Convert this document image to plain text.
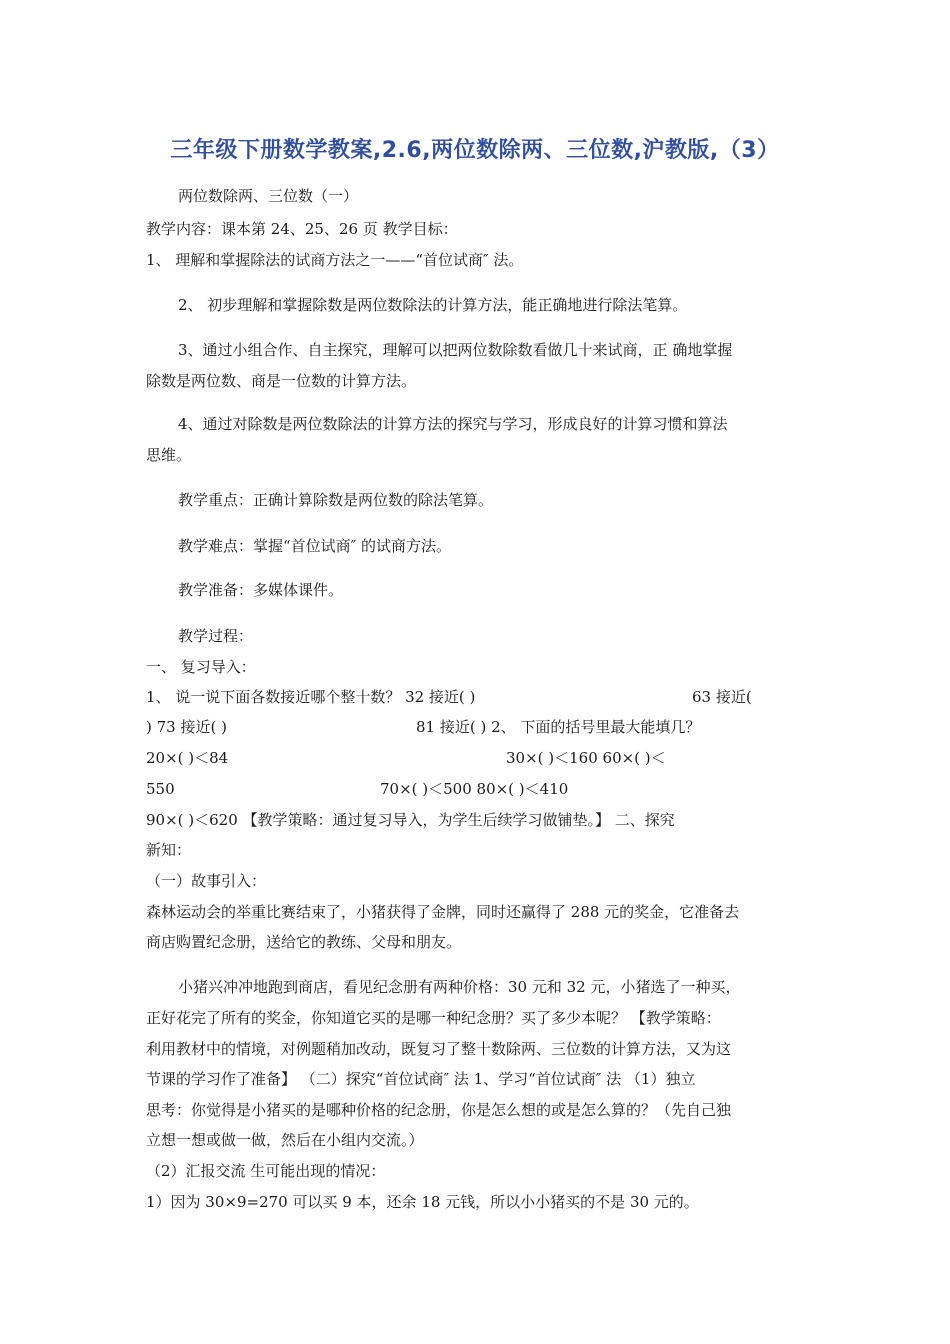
三年级下册数学教案,2.6,两位数除两、三位数,沪教版,（3）
两位数除两、三位数（一）
教学内容：课本第 24、25、26 页 教学目标：
1、 理解和掌握除法的试商方法之一——“首位试商″ 法。
2、 初步理解和掌握除数是两位数除法的计算方法，能正确地进行除法笔算。
3、通过小组合作、自主探究，理解可以把两位数除数看做几十来试商，正 确地掌握
除数是两位数、商是一位数的计算方法。
4、通过对除数是两位数除法的计算方法的探究与学习，形成良好的计算习惯和算法
思维。
教学重点：正确计算除数是两位数的除法笔算。
教学难点：掌握“首位试商″ 的试商方法。
教学准备：多媒体课件。
教学过程：
一、 复习导入：
1、 说一说下面各数接近哪个整十数？ 32 接近( )	63 接近(
) 73 接近( )	81 接近( ) 2、 下面的括号里最大能填几？
20×( )＜84	30×( )＜160 60×( )＜
550	70×( )＜500 80×( )＜410
90×( )＜620 【教学策略：通过复习导入，为学生后续学习做铺垫。】 二、探究
新知：
（一）故事引入：
森林运动会的举重比赛结束了，小猪获得了金牌，同时还赢得了 288 元的奖金，它准备去
商店购置纪念册，送给它的教练、父母和朋友。
小猪兴冲冲地跑到商店，看见纪念册有两种价格：30 元和 32 元，小猪选了一种买，
正好花完了所有的奖金，你知道它买的是哪一种纪念册？买了多少本呢？ 【教学策略：
利用教材中的情境，对例题稍加改动，既复习了整十数除两、三位数的计算方法，又为这
节课的学习作了准备】 （二）探究“首位试商″ 法 1、学习“首位试商″ 法 （1）独立
思考：你觉得是小猪买的是哪种价格的纪念册，你是怎么想的或是怎么算的？（先自己独
立想一想或做一做，然后在小组内交流。）
（2）汇报交流 生可能出现的情况：
1）因为 30×9=270 可以买 9 本，还余 18 元钱，所以小小猪买的不是 30 元的。
